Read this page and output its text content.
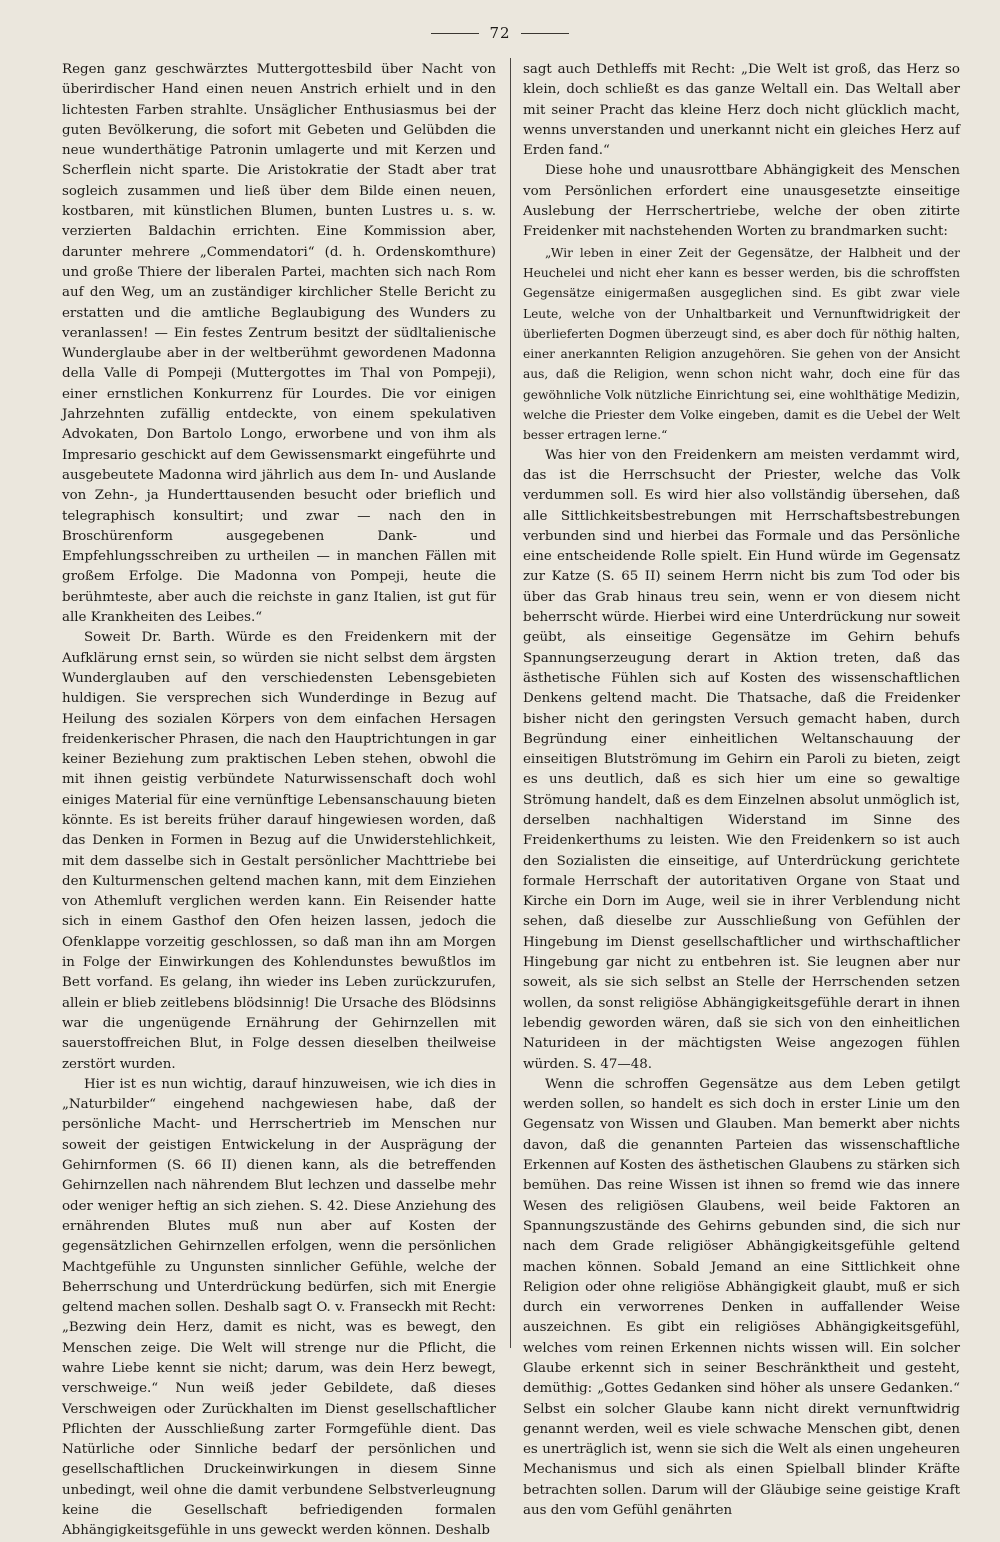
72

Regen ganz geschwärztes Muttergottesbild über Nacht von überirdischer Hand einen neuen Anstrich erhielt und in den lichtesten Farben strahlte. Unsäglicher Enthusiasmus bei der guten Bevölkerung, die sofort mit Gebeten und Gelübden die neue wunderthätige Patronin umlagerte und mit Kerzen und Scherflein nicht sparte. Die Aristokratie der Stadt aber trat sogleich zusammen und ließ über dem Bilde einen neuen, kostbaren, mit künstlichen Blumen, bunten Lustres u. s. w. verzierten Baldachin errichten. Eine Kommission aber, darunter mehrere „Commendatori“ (d. h. Ordenskomthure) und große Thiere der liberalen Partei, machten sich nach Rom auf den Weg, um an zuständiger kirchlicher Stelle Bericht zu erstatten und die amtliche Beglaubigung des Wunders zu veranlassen! — Ein festes Zentrum besitzt der südltalienische Wunderglaube aber in der weltberühmt gewordenen Madonna della Valle di Pompeji (Muttergottes im Thal von Pompeji), einer ernstlichen Konkurrenz für Lourdes. Die vor einigen Jahrzehnten zufällig entdeckte, von einem spekulativen Advokaten, Don Bartolo Longo, erworbene und von ihm als Impresario geschickt auf dem Gewissensmarkt eingeführte und ausgebeutete Madonna wird jährlich aus dem In- und Auslande von Zehn-, ja Hunderttausenden besucht oder brieflich und telegraphisch konsultirt; und zwar — nach den in Broschürenform ausgegebenen Dank- und Empfehlungsschreiben zu urtheilen — in manchen Fällen mit großem Erfolge. Die Madonna von Pompeji, heute die berühmteste, aber auch die reichste in ganz Italien, ist gut für alle Krankheiten des Leibes.“

Soweit Dr. Barth. Würde es den Freidenkern mit der Aufklärung ernst sein, so würden sie nicht selbst dem ärgsten Wunderglauben auf den verschiedensten Lebensgebieten huldigen. Sie versprechen sich Wunderdinge in Bezug auf Heilung des sozialen Körpers von dem einfachen Hersagen freidenkerischer Phrasen, die nach den Hauptrichtungen in gar keiner Beziehung zum praktischen Leben stehen, obwohl die mit ihnen geistig verbündete Naturwissenschaft doch wohl einiges Material für eine vernünftige Lebensanschauung bieten könnte. Es ist bereits früher darauf hingewiesen worden, daß das Denken in Formen in Bezug auf die Unwiderstehlichkeit, mit dem dasselbe sich in Gestalt persönlicher Machttriebe bei den Kulturmenschen geltend machen kann, mit dem Einziehen von Athemluft verglichen werden kann. Ein Reisender hatte sich in einem Gasthof den Ofen heizen lassen, jedoch die Ofenklappe vorzeitig geschlossen, so daß man ihn am Morgen in Folge der Einwirkungen des Kohlendunstes bewußtlos im Bett vorfand. Es gelang, ihn wieder ins Leben zurückzurufen, allein er blieb zeitlebens blödsinnig! Die Ursache des Blödsinns war die ungenügende Ernährung der Gehirnzellen mit sauerstoffreichen Blut, in Folge dessen dieselben theilweise zerstört wurden.

Hier ist es nun wichtig, darauf hinzuweisen, wie ich dies in „Naturbilder“ eingehend nachgewiesen habe, daß der persönliche Macht- und Herrschertrieb im Menschen nur soweit der geistigen Entwickelung in der Ausprägung der Gehirnformen (S. 66 II) dienen kann, als die betreffenden Gehirnzellen nach nährendem Blut lechzen und dasselbe mehr oder weniger heftig an sich ziehen. S. 42. Diese Anziehung des ernährenden Blutes muß nun aber auf Kosten der gegensätzlichen Gehirnzellen erfolgen, wenn die persönlichen Machtgefühle zu Ungunsten sinnlicher Gefühle, welche der Beherrschung und Unterdrückung bedürfen, sich mit Energie geltend machen sollen. Deshalb sagt O. v. Franseckh mit Recht: „Bezwing dein Herz, damit es nicht, was es bewegt, den Menschen zeige. Die Welt will strenge nur die Pflicht, die wahre Liebe kennt sie nicht; darum, was dein Herz bewegt, verschweige.“ Nun weiß jeder Gebildete, daß dieses Verschweigen oder Zurückhalten im Dienst gesellschaftlicher Pflichten der Ausschließung zarter Formgefühle dient. Das Natürliche oder Sinnliche bedarf der persönlichen und gesellschaftlichen Druckeinwirkungen in diesem Sinne unbedingt, weil ohne die damit verbundene Selbstverleugnung keine die Gesellschaft befriedigenden formalen Abhängigkeitsgefühle in uns geweckt werden können. Deshalb

sagt auch Dethleffs mit Recht: „Die Welt ist groß, das Herz so klein, doch schließt es das ganze Weltall ein. Das Weltall aber mit seiner Pracht das kleine Herz doch nicht glücklich macht, wenns unverstanden und unerkannt nicht ein gleiches Herz auf Erden fand.“

Diese hohe und unausrottbare Abhängigkeit des Menschen vom Persönlichen erfordert eine unausgesetzte einseitige Auslebung der Herrschertriebe, welche der oben zitirte Freidenker mit nachstehenden Worten zu brandmarken sucht:

„Wir leben in einer Zeit der Gegensätze, der Halbheit und der Heuchelei und nicht eher kann es besser werden, bis die schroffsten Gegensätze einigermaßen ausgeglichen sind. Es gibt zwar viele Leute, welche von der Unhaltbarkeit und Vernunftwidrigkeit der überlieferten Dogmen überzeugt sind, es aber doch für nöthig halten, einer anerkannten Religion anzugehören. Sie gehen von der Ansicht aus, daß die Religion, wenn schon nicht wahr, doch eine für das gewöhnliche Volk nützliche Einrichtung sei, eine wohlthätige Medizin, welche die Priester dem Volke eingeben, damit es die Uebel der Welt besser ertragen lerne.“

Was hier von den Freidenkern am meisten verdammt wird, das ist die Herrschsucht der Priester, welche das Volk verdummen soll. Es wird hier also vollständig übersehen, daß alle Sittlichkeitsbestrebungen mit Herrschaftsbestrebungen verbunden sind und hierbei das Formale und das Persönliche eine entscheidende Rolle spielt. Ein Hund würde im Gegensatz zur Katze (S. 65 II) seinem Herrn nicht bis zum Tod oder bis über das Grab hinaus treu sein, wenn er von diesem nicht beherrscht würde. Hierbei wird eine Unterdrückung nur soweit geübt, als einseitige Gegensätze im Gehirn behufs Spannungserzeugung derart in Aktion treten, daß das ästhetische Fühlen sich auf Kosten des wissenschaftlichen Denkens geltend macht. Die Thatsache, daß die Freidenker bisher nicht den geringsten Versuch gemacht haben, durch Begründung einer einheitlichen Weltanschauung der einseitigen Blutströmung im Gehirn ein Paroli zu bieten, zeigt es uns deutlich, daß es sich hier um eine so gewaltige Strömung handelt, daß es dem Einzelnen absolut unmöglich ist, derselben nachhaltigen Widerstand im Sinne des Freidenkerthums zu leisten. Wie den Freidenkern so ist auch den Sozialisten die einseitige, auf Unterdrückung gerichtete formale Herrschaft der autoritativen Organe von Staat und Kirche ein Dorn im Auge, weil sie in ihrer Verblendung nicht sehen, daß dieselbe zur Ausschließung von Gefühlen der Hingebung im Dienst gesellschaftlicher und wirthschaftlicher Hingebung gar nicht zu entbehren ist. Sie leugnen aber nur soweit, als sie sich selbst an Stelle der Herrschenden setzen wollen, da sonst religiöse Abhängigkeitsgefühle derart in ihnen lebendig geworden wären, daß sie sich von den einheitlichen Naturideen in der mächtigsten Weise angezogen fühlen würden. S. 47—48.

Wenn die schroffen Gegensätze aus dem Leben getilgt werden sollen, so handelt es sich doch in erster Linie um den Gegensatz von Wissen und Glauben. Man bemerkt aber nichts davon, daß die genannten Parteien das wissenschaftliche Erkennen auf Kosten des ästhetischen Glaubens zu stärken sich bemühen. Das reine Wissen ist ihnen so fremd wie das innere Wesen des religiösen Glaubens, weil beide Faktoren an Spannungszustände des Gehirns gebunden sind, die sich nur nach dem Grade religiöser Abhängigkeitsgefühle geltend machen können. Sobald Jemand an eine Sittlichkeit ohne Religion oder ohne religiöse Abhängigkeit glaubt, muß er sich durch ein verworrenes Denken in auffallender Weise auszeichnen. Es gibt ein religiöses Abhängigkeitsgefühl, welches vom reinen Erkennen nichts wissen will. Ein solcher Glaube erkennt sich in seiner Beschränktheit und gesteht, demüthig: „Gottes Gedanken sind höher als unsere Gedanken.“ Selbst ein solcher Glaube kann nicht direkt vernunftwidrig genannt werden, weil es viele schwache Menschen gibt, denen es unerträglich ist, wenn sie sich die Welt als einen ungeheuren Mechanismus und sich als einen Spielball blinder Kräfte betrachten sollen. Darum will der Gläubige seine geistige Kraft aus den vom Gefühl genährten
